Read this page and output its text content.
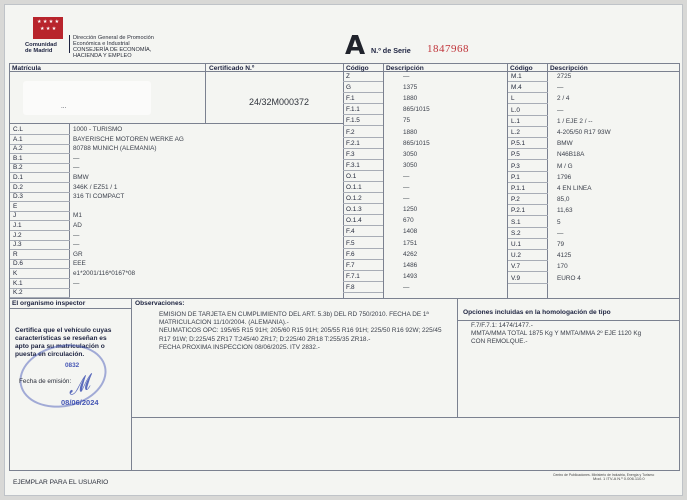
★ ★ ★ ★
★ ★ ★
Comunidad
de Madrid
Dirección General de Promoción
Económica e Industrial
CONSEJERÍA DE ECONOMÍA,
HACIENDA Y EMPLEO	A N.º de Serie 1847968
Matrícula	Certificado N.º	Código	Descripción	Código	Descripción
...	24/32M000372
C.L	1000 - TURISMO
A.1	BAYERISCHE MOTOREN WERKE AG
A.2	80788 MUNICH (ALEMANIA)
B.1	—
B.2	—
D.1	BMW
D.2	346K / EZ51 / 1
D.3	316 TI COMPACT
E
J	M1
J.1	AD
J.2	—
J.3	—
R	GR
D.6	EEE
K	e1*2001/116*0167*08
K.1	—
K.2
Z	—
G	1375
F.1	1880
F.1.1	865/1015
F.1.5	75
F.2	1880
F.2.1	865/1015
F.3	3050
F.3.1	3050
O.1	—
O.1.1	—
O.1.2	—
O.1.3	1250
O.1.4	670
F.4	1408
F.5	1751
F.6	4262
F.7	1486
F.7.1	1493
F.8	—
M.1	2725
M.4	—
L	2 / 4
L.0	—
L.1	1 / EJE 2 / --
L.2	4-205/50 R17 93W
P.5.1	BMW
P.5	N46B18A
P.3	M / G
P.1	1796
P.1.1	4 EN LINEA
P.2	85,0
P.2.1	11,63
S.1	5
S.2	—
U.1	79
U.2	4125
V.7	170
V.9	EURO 4
El organismo inspector
Certifica que el vehículo cuyas
características se reseñan es
apto para su matriculación o
puesta en circulación.
Fecha de emisión:
0832
𝓜
08/06/2024
Observaciones:
EMISION DE TARJETA EN CUMPLIMIENTO DEL ART. 5.3b) DEL RD 750/2010. FECHA DE 1ª
MATRICULACION 11/10/2004. (ALEMANIA).-
NEUMATICOS OPC: 195/65 R15 91H; 205/60 R15 91H; 205/55 R16 91H; 225/50 R16 92W; 225/45
R17 91W; D:225/45 ZR17 T:245/40 ZR17; D:225/40 ZR18 T:255/35 ZR18.-
FECHA PROXIMA INSPECCION 08/06/2025. ITV 2832.-
Opciones incluidas en la homologación de tipo
F.7/F.7.1: 1474/1477.-
MMTA/MMA TOTAL 1875 Kg Y MMTA/MMA 2º EJE 1120 Kg
CON REMOLQUE.-
EJEMPLAR PARA EL USUARIO
Centro de Publicaciones. Ministerio de Industria, Energía y Turismo
Mod. 1 ITV-A N.º 0.006.110.0
